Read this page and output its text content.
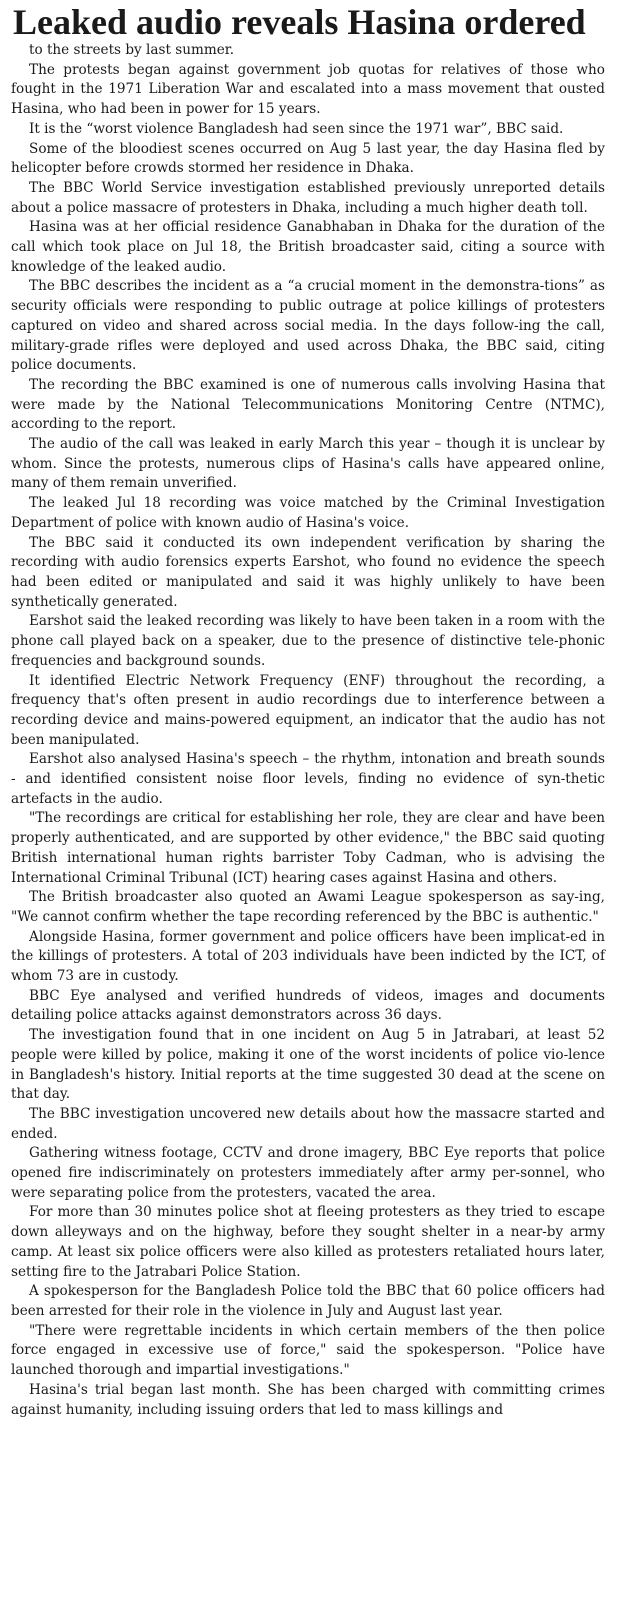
Leaked audio reveals Hasina ordered

to the streets by last summer.

The protests began against government job quotas for relatives of those who fought in the 1971 Liberation War and escalated into a mass movement that ousted Hasina, who had been in power for 15 years.

It is the “worst violence Bangladesh had seen since the 1971 war”, BBC said.

Some of the bloodiest scenes occurred on Aug 5 last year, the day Hasina fled by helicopter before crowds stormed her residence in Dhaka.

The BBC World Service investigation established previously unreported details about a police massacre of protesters in Dhaka, including a much higher death toll.

Hasina was at her official residence Ganabhaban in Dhaka for the duration of the call which took place on Jul 18, the British broadcaster said, citing a source with knowledge of the leaked audio.

The BBC describes the incident as a “a crucial moment in the demonstra-tions” as security officials were responding to public outrage at police killings of protesters captured on video and shared across social media. In the days follow-ing the call, military-grade rifles were deployed and used across Dhaka, the BBC said, citing police documents.

The recording the BBC examined is one of numerous calls involving Hasina that were made by the National Telecommunications Monitoring Centre (NTMC), according to the report.

The audio of the call was leaked in early March this year – though it is unclear by whom. Since the protests, numerous clips of Hasina's calls have appeared online, many of them remain unverified.

The leaked Jul 18 recording was voice matched by the Criminal Investigation Department of police with known audio of Hasina's voice.

The BBC said it conducted its own independent verification by sharing the recording with audio forensics experts Earshot, who found no evidence the speech had been edited or manipulated and said it was highly unlikely to have been synthetically generated.

Earshot said the leaked recording was likely to have been taken in a room with the phone call played back on a speaker, due to the presence of distinctive tele-phonic frequencies and background sounds.

It identified Electric Network Frequency (ENF) throughout the recording, a frequency that's often present in audio recordings due to interference between a recording device and mains-powered equipment, an indicator that the audio has not been manipulated.

Earshot also analysed Hasina's speech – the rhythm, intonation and breath sounds - and identified consistent noise floor levels, finding no evidence of syn-thetic artefacts in the audio.

"The recordings are critical for establishing her role, they are clear and have been properly authenticated, and are supported by other evidence," the BBC said quoting British international human rights barrister Toby Cadman, who is advising the International Criminal Tribunal (ICT) hearing cases against Hasina and others.

The British broadcaster also quoted an Awami League spokesperson as say-ing, "We cannot confirm whether the tape recording referenced by the BBC is authentic."

Alongside Hasina, former government and police officers have been implicat-ed in the killings of protesters. A total of 203 individuals have been indicted by the ICT, of whom 73 are in custody.

BBC Eye analysed and verified hundreds of videos, images and documents detailing police attacks against demonstrators across 36 days.

The investigation found that in one incident on Aug 5 in Jatrabari, at least 52 people were killed by police, making it one of the worst incidents of police vio-lence in Bangladesh's history. Initial reports at the time suggested 30 dead at the scene on that day.

The BBC investigation uncovered new details about how the massacre started and ended.

Gathering witness footage, CCTV and drone imagery, BBC Eye reports that police opened fire indiscriminately on protesters immediately after army per-sonnel, who were separating police from the protesters, vacated the area.

For more than 30 minutes police shot at fleeing protesters as they tried to escape down alleyways and on the highway, before they sought shelter in a near-by army camp. At least six police officers were also killed as protesters retaliated hours later, setting fire to the Jatrabari Police Station.

A spokesperson for the Bangladesh Police told the BBC that 60 police officers had been arrested for their role in the violence in July and August last year.

"There were regrettable incidents in which certain members of the then police force engaged in excessive use of force," said the spokesperson. "Police have launched thorough and impartial investigations."

Hasina's trial began last month. She has been charged with committing crimes against humanity, including issuing orders that led to mass killings and
